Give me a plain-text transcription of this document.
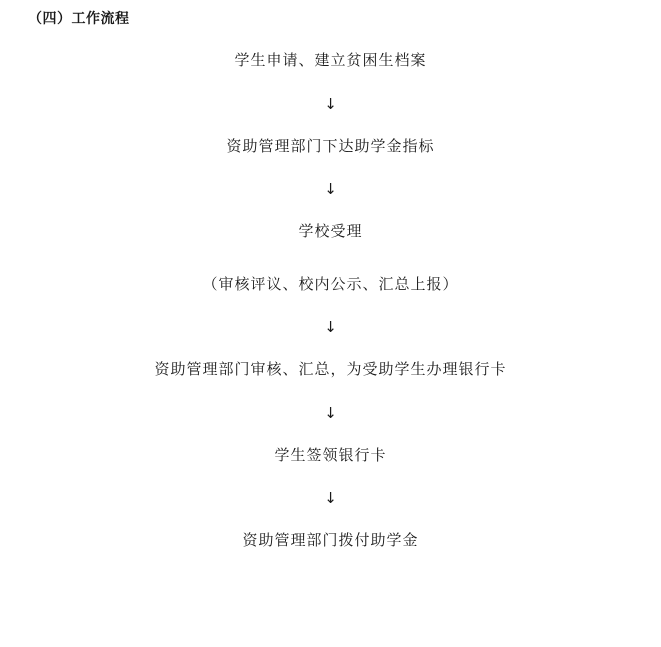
（四）工作流程
学生申请、建立贫困生档案
↓
资助管理部门下达助学金指标
↓
学校受理
（审核评议、校内公示、汇总上报）
↓
资助管理部门审核、汇总，为受助学生办理银行卡
↓
学生签领银行卡
↓
资助管理部门拨付助学金
